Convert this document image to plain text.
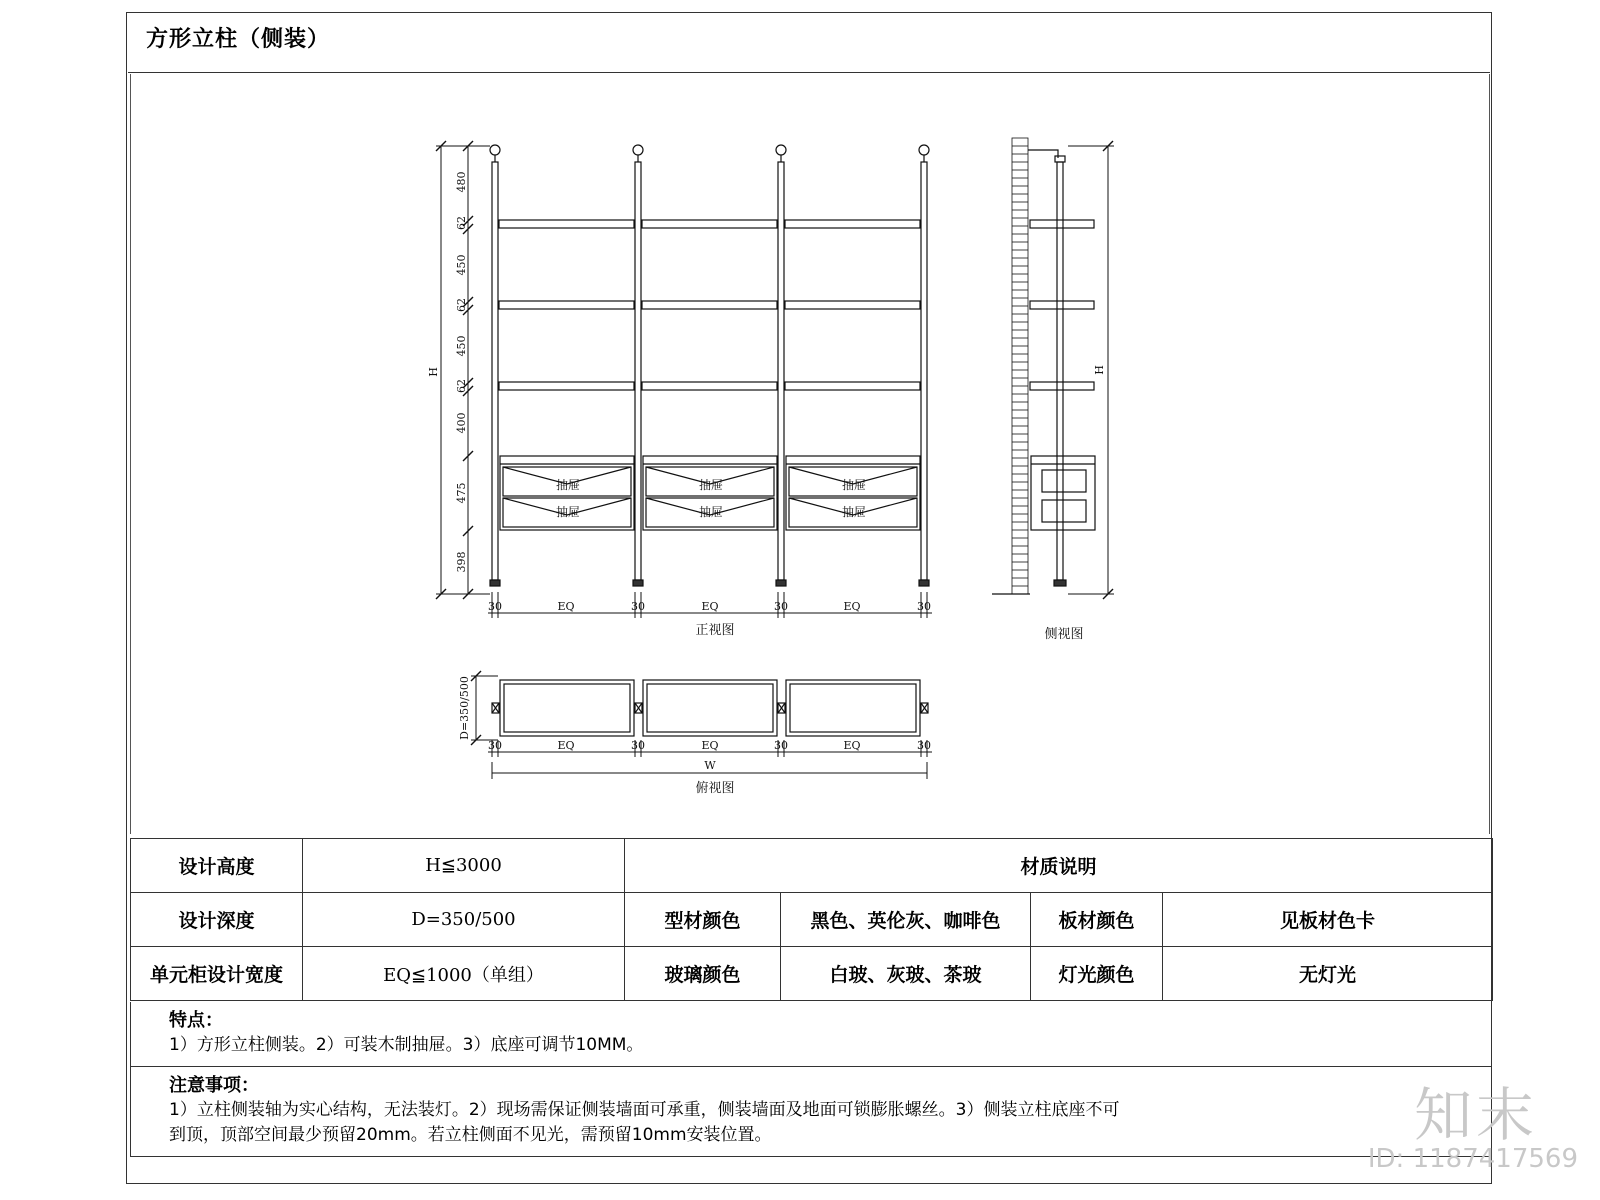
方形立柱（侧装）
抽屉
抽屉
抽屉
抽屉
抽屉
抽屉
H
480
62
450
62
450
62
400
475
398
30	EQ	30	EQ	30	EQ	30
正视图
H
侧视图
D=350/500
30	EQ	30	EQ	30	EQ	30
W
俯视图
设计高度	H≦3000	材质说明			
设计深度	D=350/500	型材颜色	黑色、英伦灰、咖啡色	板材颜色	见板材色卡
单元柜设计宽度	EQ≦1000（单组）	玻璃颜色	白玻、灰玻、茶玻	灯光颜色	无灯光
特点：
1）方形立柱侧装。2）可装木制抽屉。3）底座可调节10MM。
注意事项：
1）立柱侧装轴为实心结构，无法装灯。2）现场需保证侧装墙面可承重，侧装墙面及地面可锁膨胀螺丝。3）侧装立柱底座不可
到顶，顶部空间最少预留20mm。若立柱侧面不见光，需预留10mm安装位置。	知末
ID: 1187417569
